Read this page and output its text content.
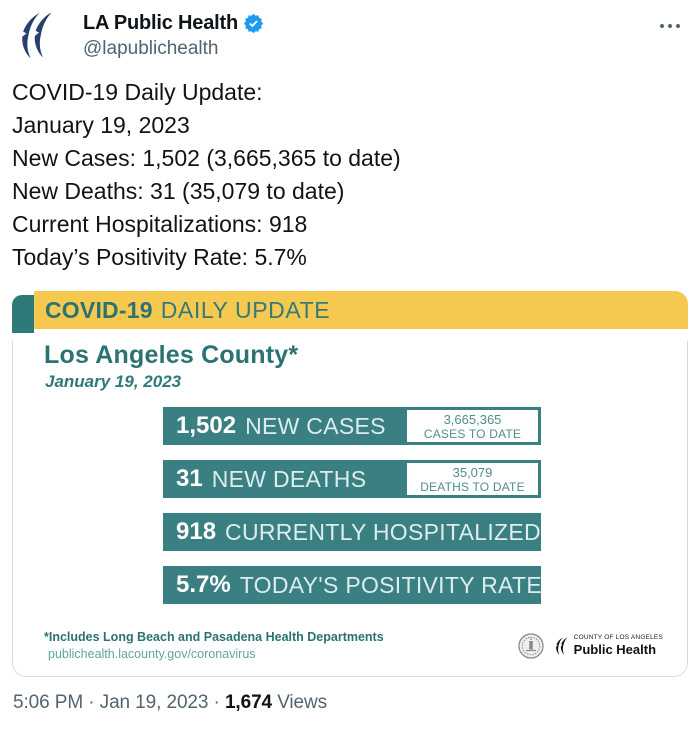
LA Public Health
@lapublichealth
COVID-19 Daily Update:
January 19, 2023
New Cases: 1,502 (3,665,365 to date)
New Deaths: 31 (35,079 to date)
Current Hospitalizations: 918
Today’s Positivity Rate: 5.7%
COVID-19 DAILY UPDATE
Los Angeles County*
January 19, 2023
1,502 NEW CASES	3,665,365
CASES TO DATE
31 NEW DEATHS	35,079
DEATHS TO DATE
918 CURRENTLY HOSPITALIZED
5.7% TODAY'S POSITIVITY RATE
*Includes Long Beach and Pasadena Health Departments
publichealth.lacounty.gov/coronavirus
COUNTY OF LOS ANGELES
Public Health
5:06 PM · Jan 19, 2023 · 1,674 Views
